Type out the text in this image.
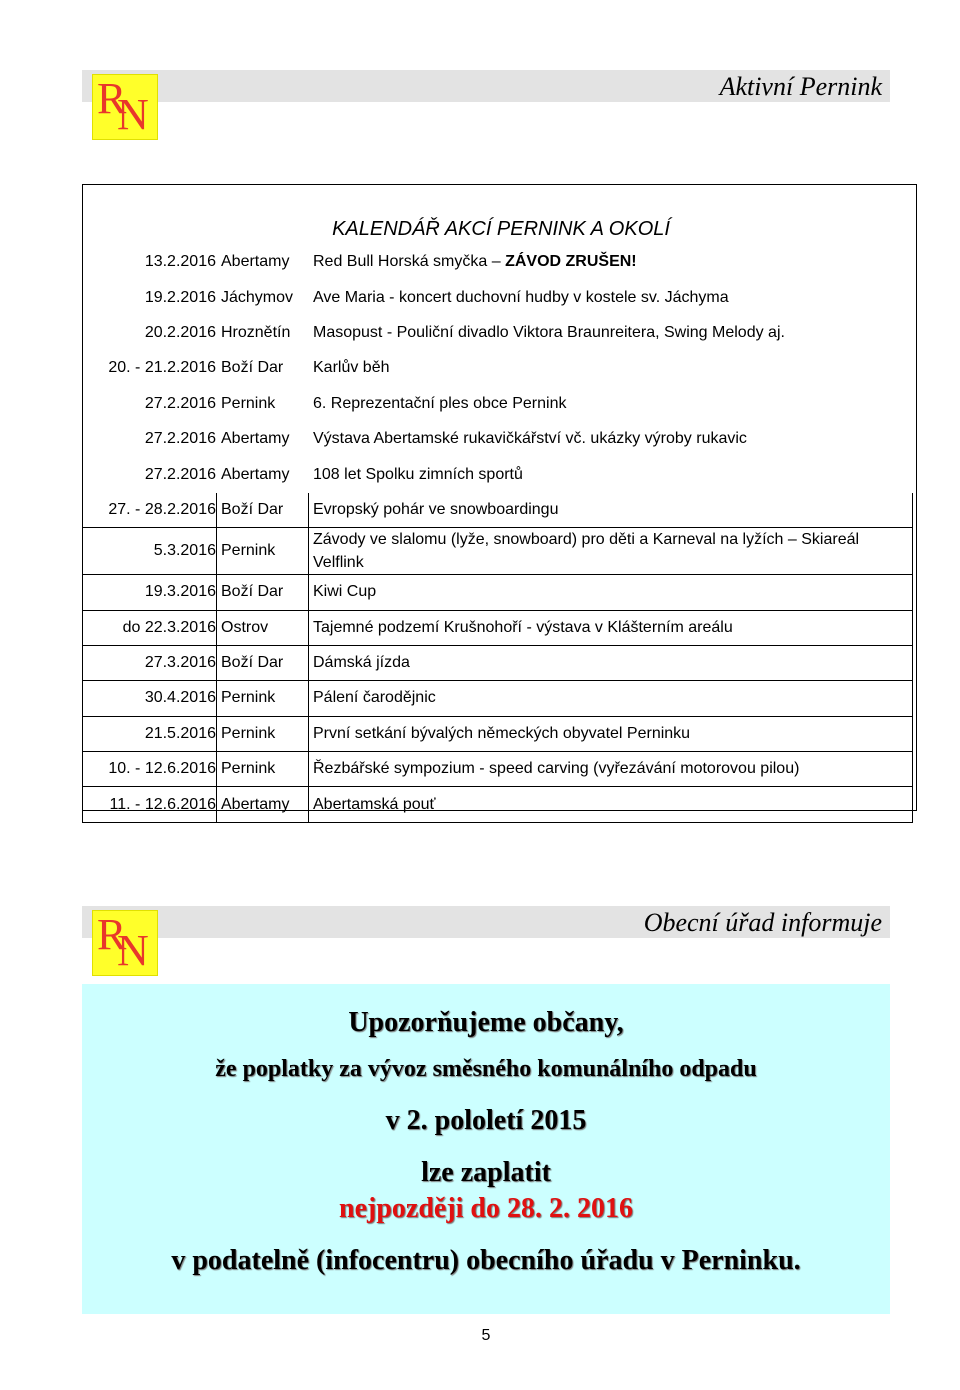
Aktivní Pernink
R
N
KALENDÁŘ AKCÍ PERNINK A OKOLÍ
13.2.2016	Abertamy	Red Bull Horská smyčka – ZÁVOD ZRUŠEN!
19.2.2016	Jáchymov	Ave Maria - koncert duchovní hudby v kostele sv. Jáchyma
20.2.2016	Hroznětín	Masopust - Pouliční divadlo Viktora Braunreitera, Swing Melody aj.
20. - 21.2.2016	Boží Dar	Karlův běh
27.2.2016	Pernink	6. Reprezentační ples obce Pernink
27.2.2016	Abertamy	Výstava Abertamské rukavičkářství vč. ukázky výroby rukavic
27.2.2016	Abertamy	108 let Spolku zimních sportů
27. - 28.2.2016	Boží Dar	Evropský pohár ve snowboardingu
5.3.2016	Pernink	Závody ve slalomu (lyže, snowboard) pro děti a Karneval na lyžích – Skiareál Velflink
19.3.2016	Boží Dar	Kiwi Cup
do 22.3.2016	Ostrov	Tajemné podzemí Krušnohoří - výstava v Klášterním areálu
27.3.2016	Boží Dar	Dámská jízda
30.4.2016	Pernink	Pálení čarodějnic
21.5.2016	Pernink	První setkání bývalých německých obyvatel Perninku
10. - 12.6.2016	Pernink	Řezbářské sympozium - speed carving (vyřezávání motorovou pilou)
11. - 12.6.2016	Abertamy	Abertamská pouť
Obecní úřad informuje
R
N
Upozorňujeme občany,
že poplatky za vývoz směsného komunálního odpadu
v 2. pololetí 2015
lze zaplatit
nejpozději do 28. 2. 2016
v podatelně (infocentru) obecního úřadu v Perninku.
5
